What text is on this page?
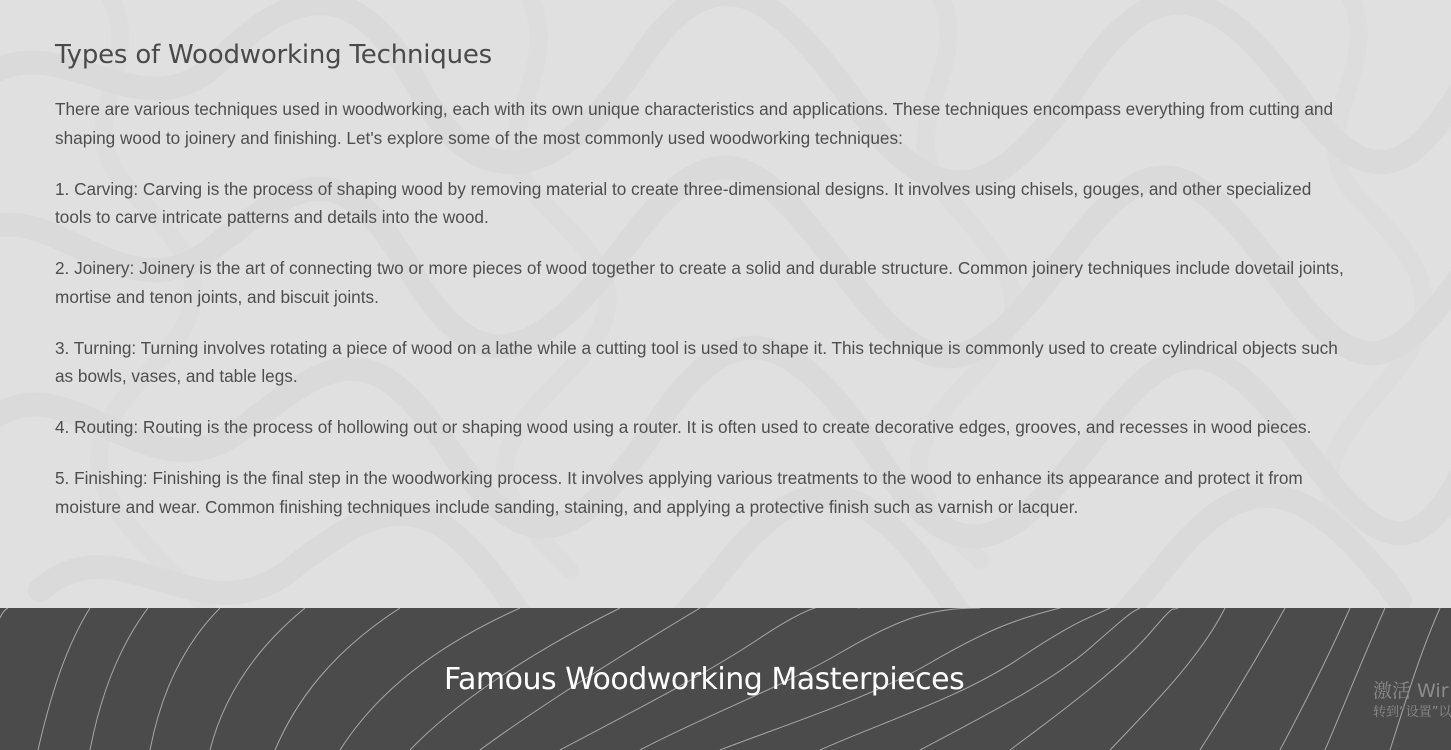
Types of Woodworking Techniques

There are various techniques used in woodworking, each with its own unique characteristics and applications. These techniques encompass everything from cutting and shaping wood to joinery and finishing. Let's explore some of the most commonly used woodworking techniques:

1. Carving: Carving is the process of shaping wood by removing material to create three-dimensional designs. It involves using chisels, gouges, and other specialized tools to carve intricate patterns and details into the wood.

2. Joinery: Joinery is the art of connecting two or more pieces of wood together to create a solid and durable structure. Common joinery techniques include dovetail joints, mortise and tenon joints, and biscuit joints.

3. Turning: Turning involves rotating a piece of wood on a lathe while a cutting tool is used to shape it. This technique is commonly used to create cylindrical objects such as bowls, vases, and table legs.

4. Routing: Routing is the process of hollowing out or shaping wood using a router. It is often used to create decorative edges, grooves, and recesses in wood pieces.

5. Finishing: Finishing is the final step in the woodworking process. It involves applying various treatments to the wood to enhance its appearance and protect it from moisture and wear. Common finishing techniques include sanding, staining, and applying a protective finish such as varnish or lacquer.

Famous Woodworking Masterpieces	激活 Wir
转到“设置”以
